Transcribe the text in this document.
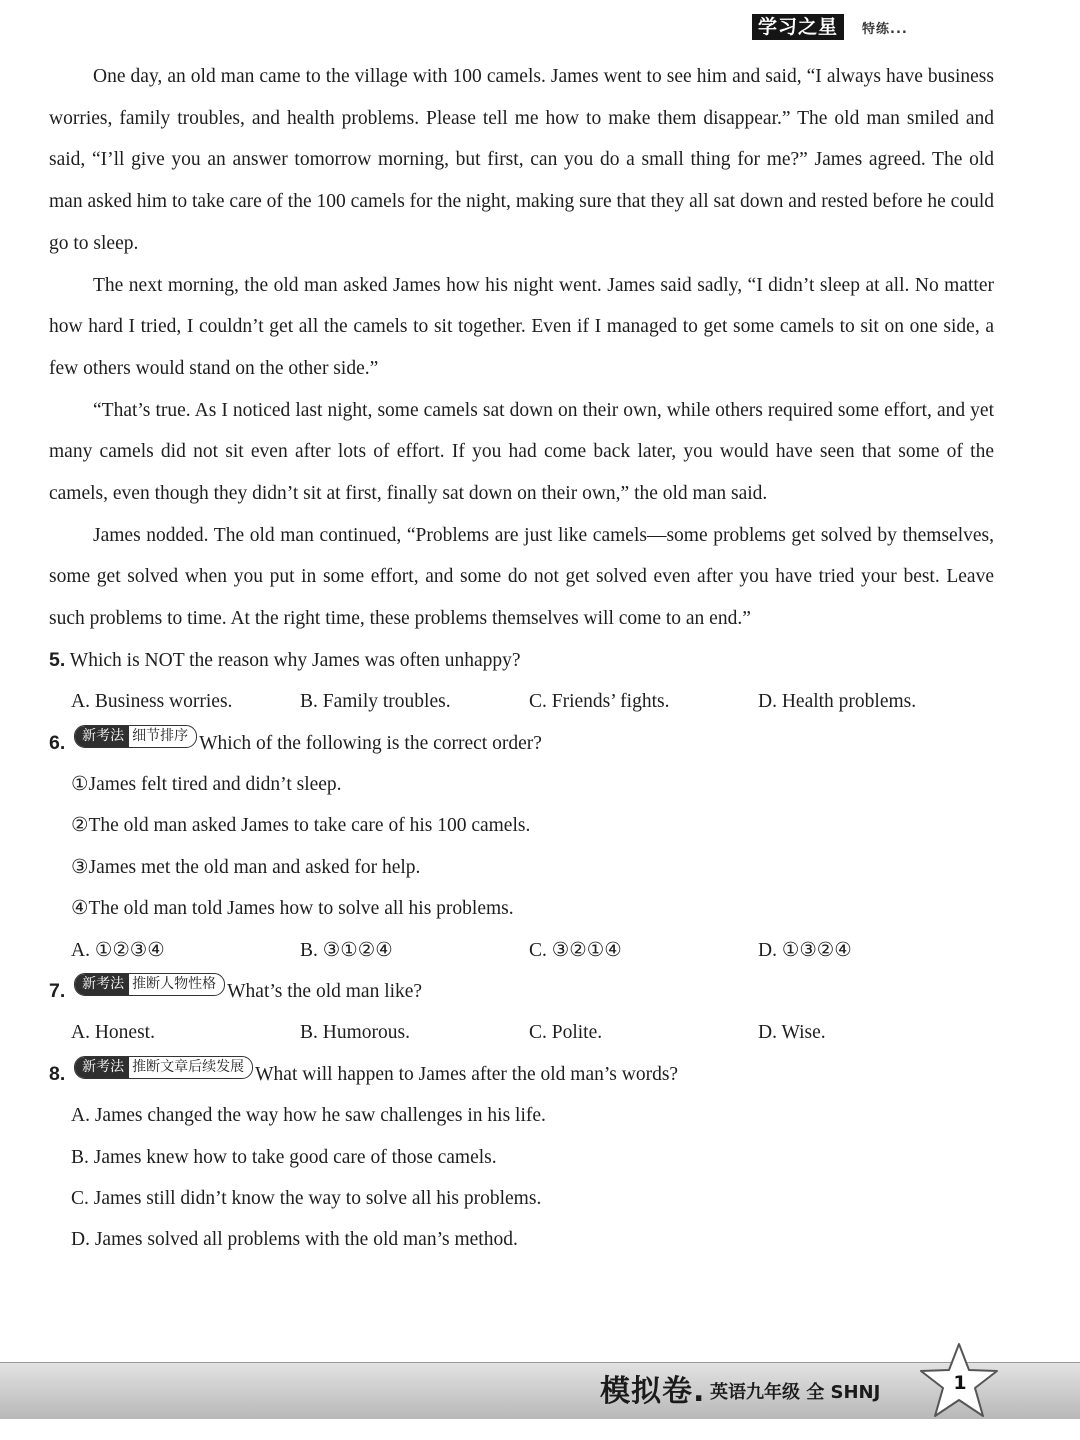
学习之星	特练...

One day, an old man came to the village with 100 camels. James went to see him and said, “I always have business worries, family troubles, and health problems. Please tell me how to make them disappear.” The old man smiled and said, “I’ll give you an answer tomorrow morning, but first, can you do a small thing for me?” James agreed. The old man asked him to take care of the 100 camels for the night, making sure that they all sat down and rested before he could go to sleep.

The next morning, the old man asked James how his night went. James said sadly, “I didn’t sleep at all. No matter how hard I tried, I couldn’t get all the camels to sit together. Even if I managed to get some camels to sit on one side, a few others would stand on the other side.”

“That’s true. As I noticed last night, some camels sat down on their own, while others required some effort, and yet many camels did not sit even after lots of effort. If you had come back later, you would have seen that some of the camels, even though they didn’t sit at first, finally sat down on their own,” the old man said.

James nodded. The old man continued, “Problems are just like camels—some problems get solved by themselves, some get solved when you put in some effort, and some do not get solved even after you have tried your best. Leave such problems to time. At the right time, these problems themselves will come to an end.”

5. Which is NOT the reason why James was often unhappy?
A. Business worries.	B. Family troubles.	C. Friends’ fights.	D. Health problems.
6. 新考法 细节排序 Which of the following is the correct order?
①James felt tired and didn’t sleep.
②The old man asked James to take care of his 100 camels.
③James met the old man and asked for help.
④The old man told James how to solve all his problems.
A. ①②③④	B. ③①②④	C. ③②①④	D. ①③②④
7. 新考法 推断人物性格 What’s the old man like?
A. Honest.	B. Humorous.	C. Polite.	D. Wise.
8. 新考法 推断文章后续发展 What will happen to James after the old man’s words?
A. James changed the way how he saw challenges in his life.
B. James knew how to take good care of those camels.
C. James still didn’t know the way to solve all his problems.
D. James solved all problems with the old man’s method.
模拟卷. 英语九年级 全 SHNJ	1
